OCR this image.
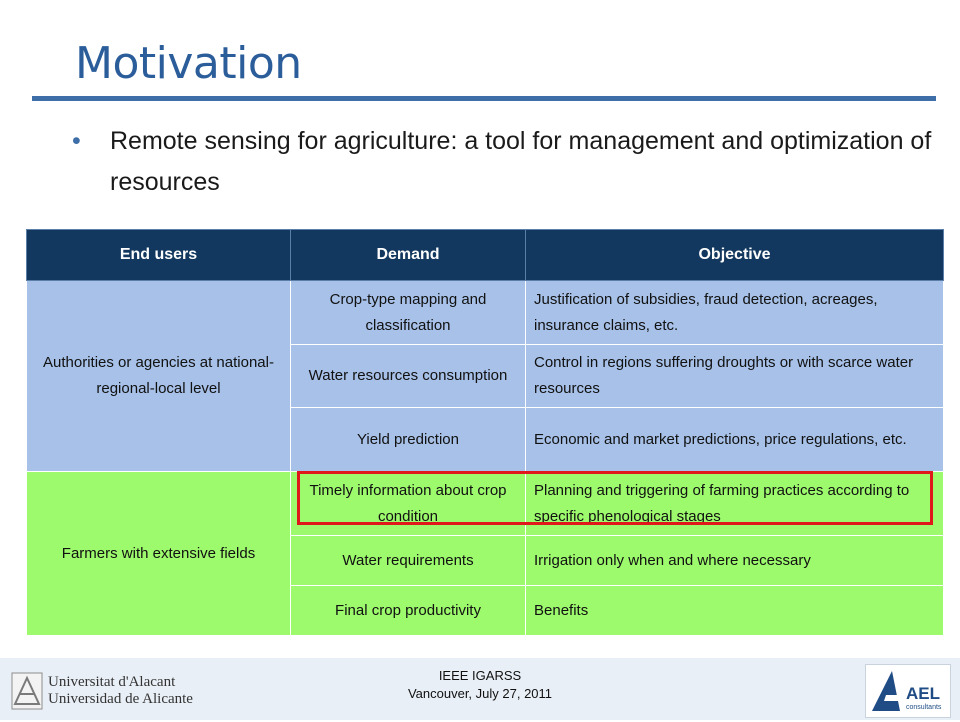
Motivation
• Remote sensing for agriculture: a tool for management and optimization of resources
End users	Demand	Objective
Authorities or agencies at national-regional-local level	Crop-type mapping and classification	Justification of subsidies, fraud detection, acreages, insurance claims, etc.
	Water resources consumption	Control in regions suffering droughts or with scarce water resources
	Yield prediction	Economic and market predictions, price regulations, etc.
Farmers with extensive fields	Timely information about crop condition	Planning and triggering of farming practices according to specific phenological stages
	Water requirements	Irrigation only when and where necessary
	Final crop productivity	Benefits
Universitat d'Alacant
Universidad de Alicante
IEEE IGARSS
Vancouver, July 27, 2011	AEL
consultants
